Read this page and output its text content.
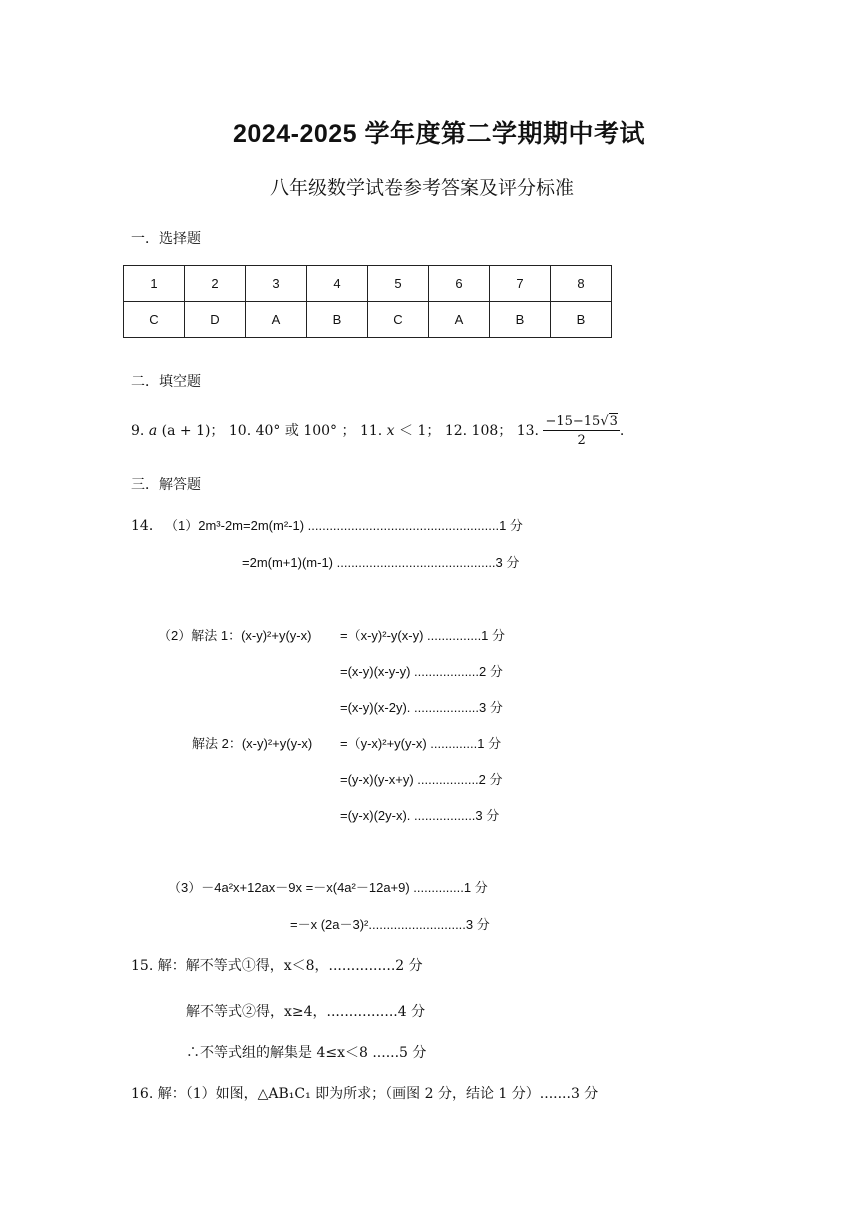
2024-2025 学年度第二学期期中考试
八年级数学试卷参考答案及评分标准
一．选择题
1	2	3	4	5	6	7	8
C	D	A	B	C	A	B	B
二．填空题
9. a (a + 1)； 10. 40° 或 100° ； 11. x ＜ 1； 12. 108； 13. $\frac{-15-15√3}{2}$ .
三．解答题
14． （1）2m³-2m=2m(m²-1) .....................................................1 分
=2m(m+1)(m-1) ............................................3 分
（2）解法 1：(x-y)²+y(y-x) =（x-y)²-y(x-y) ...............1 分
=(x-y)(x-y-y) ..................2 分
=(x-y)(x-2y). ..................3 分
解法 2：(x-y)²+y(y-x) =（y-x)²+y(y-x) .............1 分
=(y-x)(y-x+y) .................2 分
=(y-x)(2y-x). .................3 分
（3）－4a²x+12ax－9x =－x(4a²－12a+9) ..............1 分
=－x (2a－3)²...........................3 分
15. 解：解不等式①得，x＜8，...............2 分
解不等式②得，x≥4，................4 分
∴不等式组的解集是 4≤x＜8 ......5 分
16. 解：（1）如图，△AB₁C₁ 即为所求；（画图 2 分，结论 1 分）.......3 分
